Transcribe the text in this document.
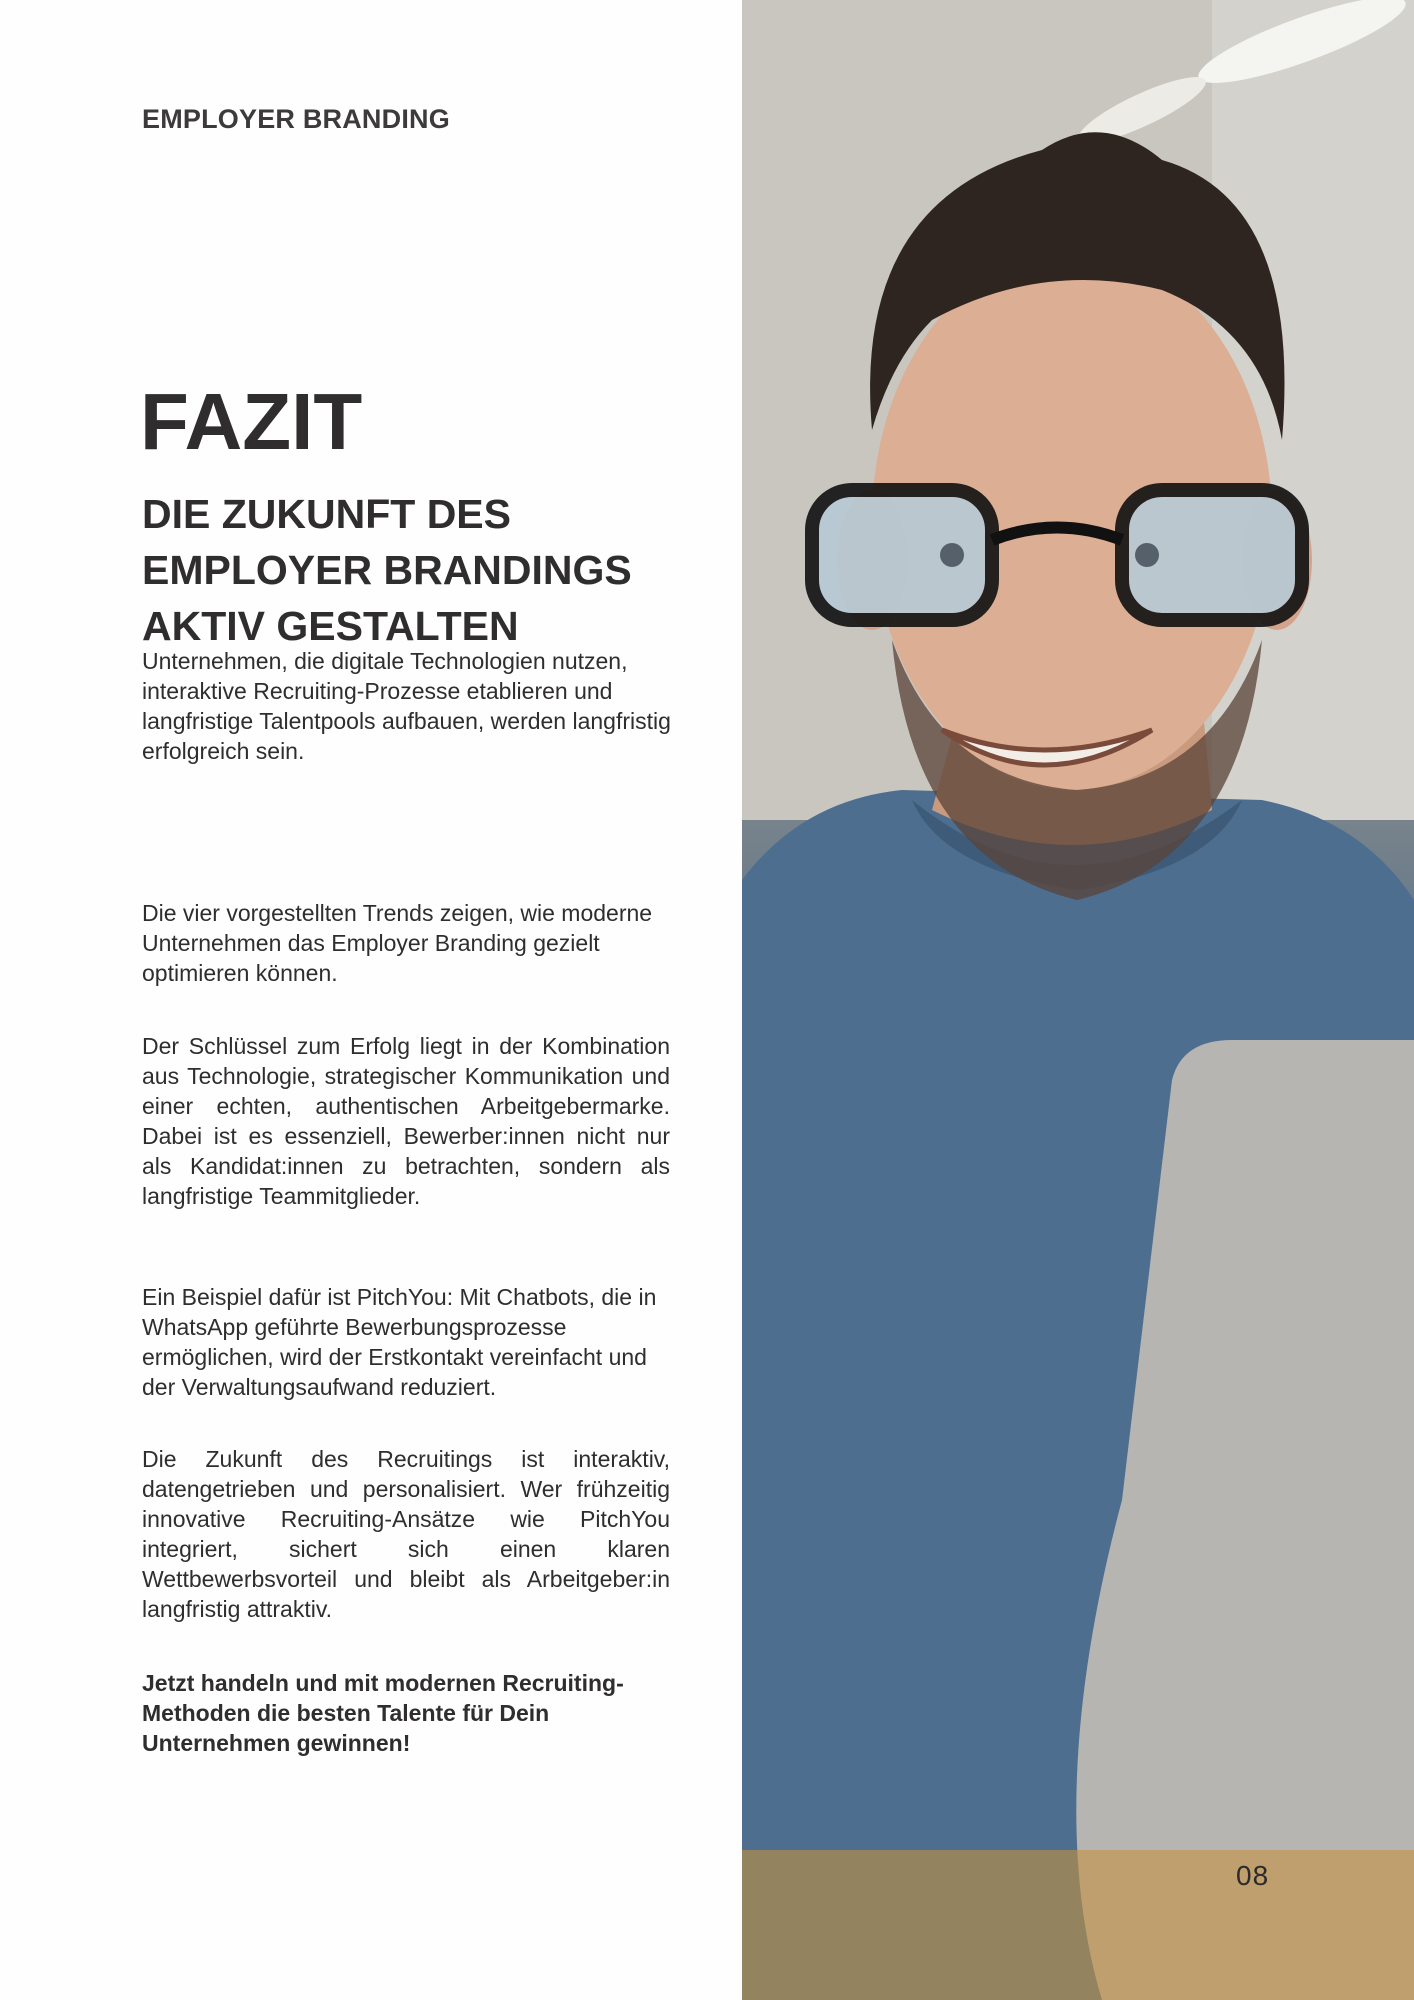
EMPLOYER BRANDING
FAZIT
DIE ZUKUNFT DES
EMPLOYER BRANDINGS
AKTIV GESTALTEN

Unternehmen, die digitale Technologien nutzen, interaktive Recruiting-Prozesse etablieren und langfristige Talentpools aufbauen, werden langfristig erfolgreich sein.

Die vier vorgestellten Trends zeigen, wie moderne Unternehmen das Employer Branding gezielt optimieren können.

Der Schlüssel zum Erfolg liegt in der Kombination aus Technologie, strategischer Kommunikation und einer echten, authentischen Arbeitgebermarke. Dabei ist es essenziell, Bewerber:innen nicht nur als Kandidat:innen zu betrachten, sondern als langfristige Teammitglieder.

Ein Beispiel dafür ist PitchYou: Mit Chatbots, die in WhatsApp geführte Bewerbungsprozesse ermöglichen, wird der Erstkontakt vereinfacht und der Verwaltungsaufwand reduziert.

Die Zukunft des Recruitings ist interaktiv, datengetrieben und personalisiert. Wer frühzeitig innovative Recruiting-Ansätze wie PitchYou integriert, sichert sich einen klaren Wettbewerbsvorteil und bleibt als Arbeitgeber:in langfristig attraktiv.

Jetzt handeln und mit modernen Recruiting-Methoden die besten Talente für Dein Unternehmen gewinnen!

08
